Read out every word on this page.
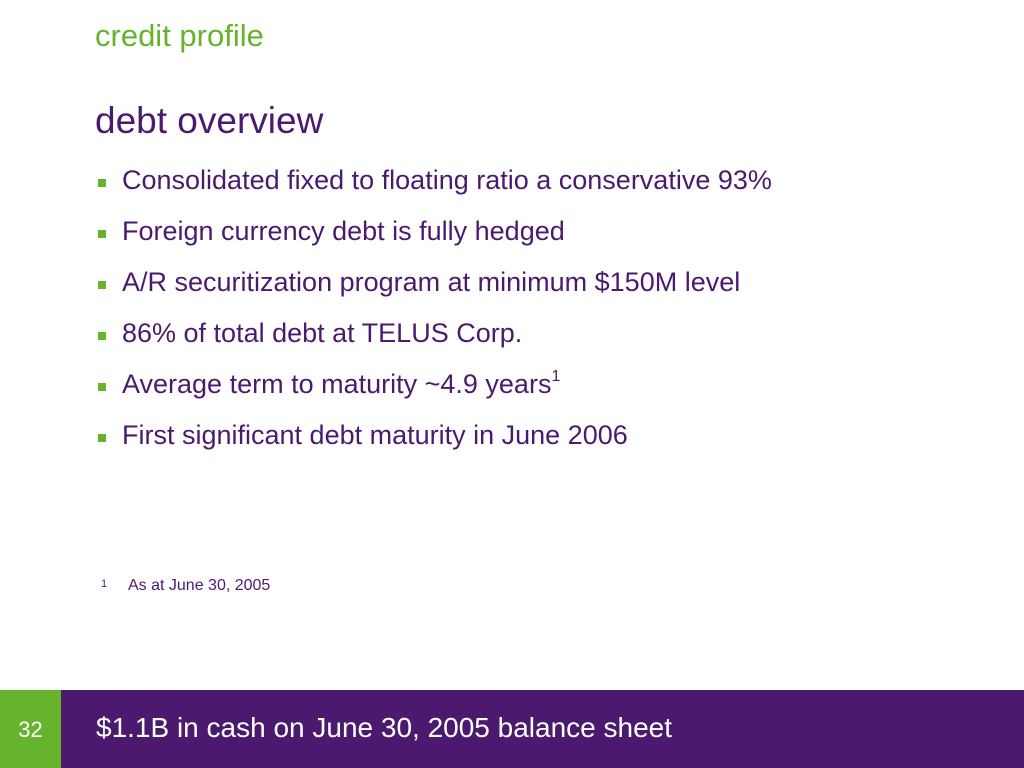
credit profile
debt overview
Consolidated fixed to floating ratio a conservative 93%
Foreign currency debt is fully hedged
A/R securitization program at minimum $150M level
86% of total debt at TELUS Corp.
Average term to maturity ~4.9 years$^1$
First significant debt maturity in June 2006
1 As at June 30, 2005
32	$1.1B in cash on June 30, 2005 balance sheet
